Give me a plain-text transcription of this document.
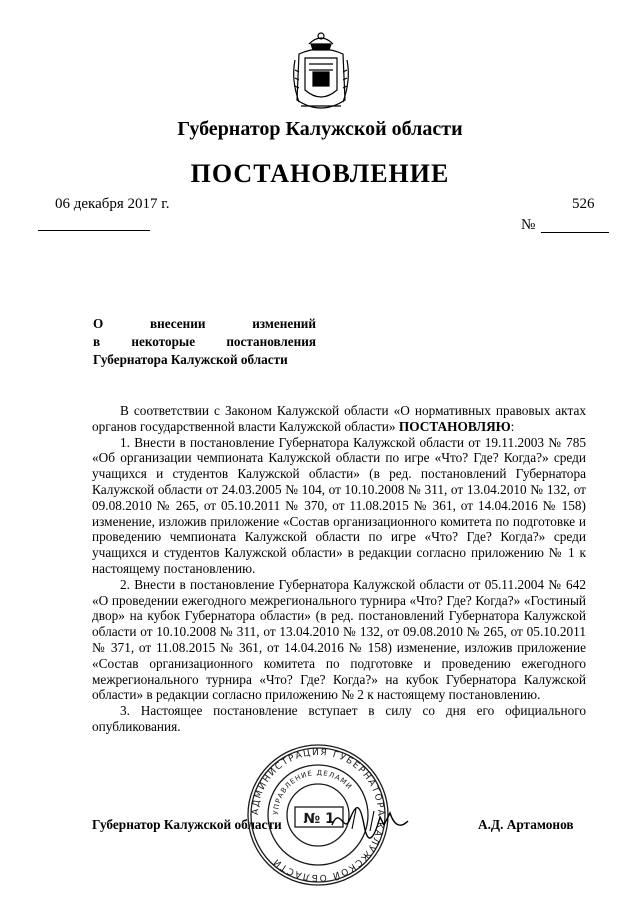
Губернатор Калужской области
ПОСТАНОВЛЕНИЕ
06 декабря 2017 г.	526
№
О внесении изменений
в некоторые постановления
Губернатора Калужской области

В соответствии с Законом Калужской области «О нормативных правовых актах органов государственной власти Калужской области» ПОСТАНОВЛЯЮ:

1. Внести в постановление Губернатора Калужской области от 19.11.2003 № 785 «Об организации чемпионата Калужской области по игре «Что? Где? Когда?» среди учащихся и студентов Калужской области» (в ред. постановлений Губернатора Калужской области от 24.03.2005 № 104, от 10.10.2008 № 311, от 13.04.2010 № 132, от 09.08.2010 № 265, от 05.10.2011 № 370, от 11.08.2015 № 361, от 14.04.2016 № 158) изменение, изложив приложение «Состав организационного комитета по подготовке и проведению чемпионата Калужской области по игре «Что? Где? Когда?» среди учащихся и студентов Калужской области» в редакции согласно приложению № 1 к настоящему постановлению.

2. Внести в постановление Губернатора Калужской области от 05.11.2004 № 642 «О проведении ежегодного межрегионального турнира «Что? Где? Когда?» «Гостиный двор» на кубок Губернатора области» (в ред. постановлений Губернатора Калужской области от 10.10.2008 № 311, от 13.04.2010 № 132, от 09.08.2010 № 265, от 05.10.2011 № 371, от 11.08.2015 № 361, от 14.04.2016 № 158) изменение, изложив приложение «Состав организационного комитета по подготовке и проведению ежегодного межрегионального турнира «Что? Где? Когда?» на кубок Губернатора Калужской области» в редакции согласно приложению № 2 к настоящему постановлению.

3. Настоящее постановление вступает в силу со дня его официального опубликования.

Губернатор Калужской области	А.Д. Артамонов
АДМИНИСТРАЦИЯ ГУБЕРНАТОРА КАЛУЖСКОЙ ОБЛАСТИ
УПРАВЛЕНИЕ ДЕЛАМИ
№ 1
